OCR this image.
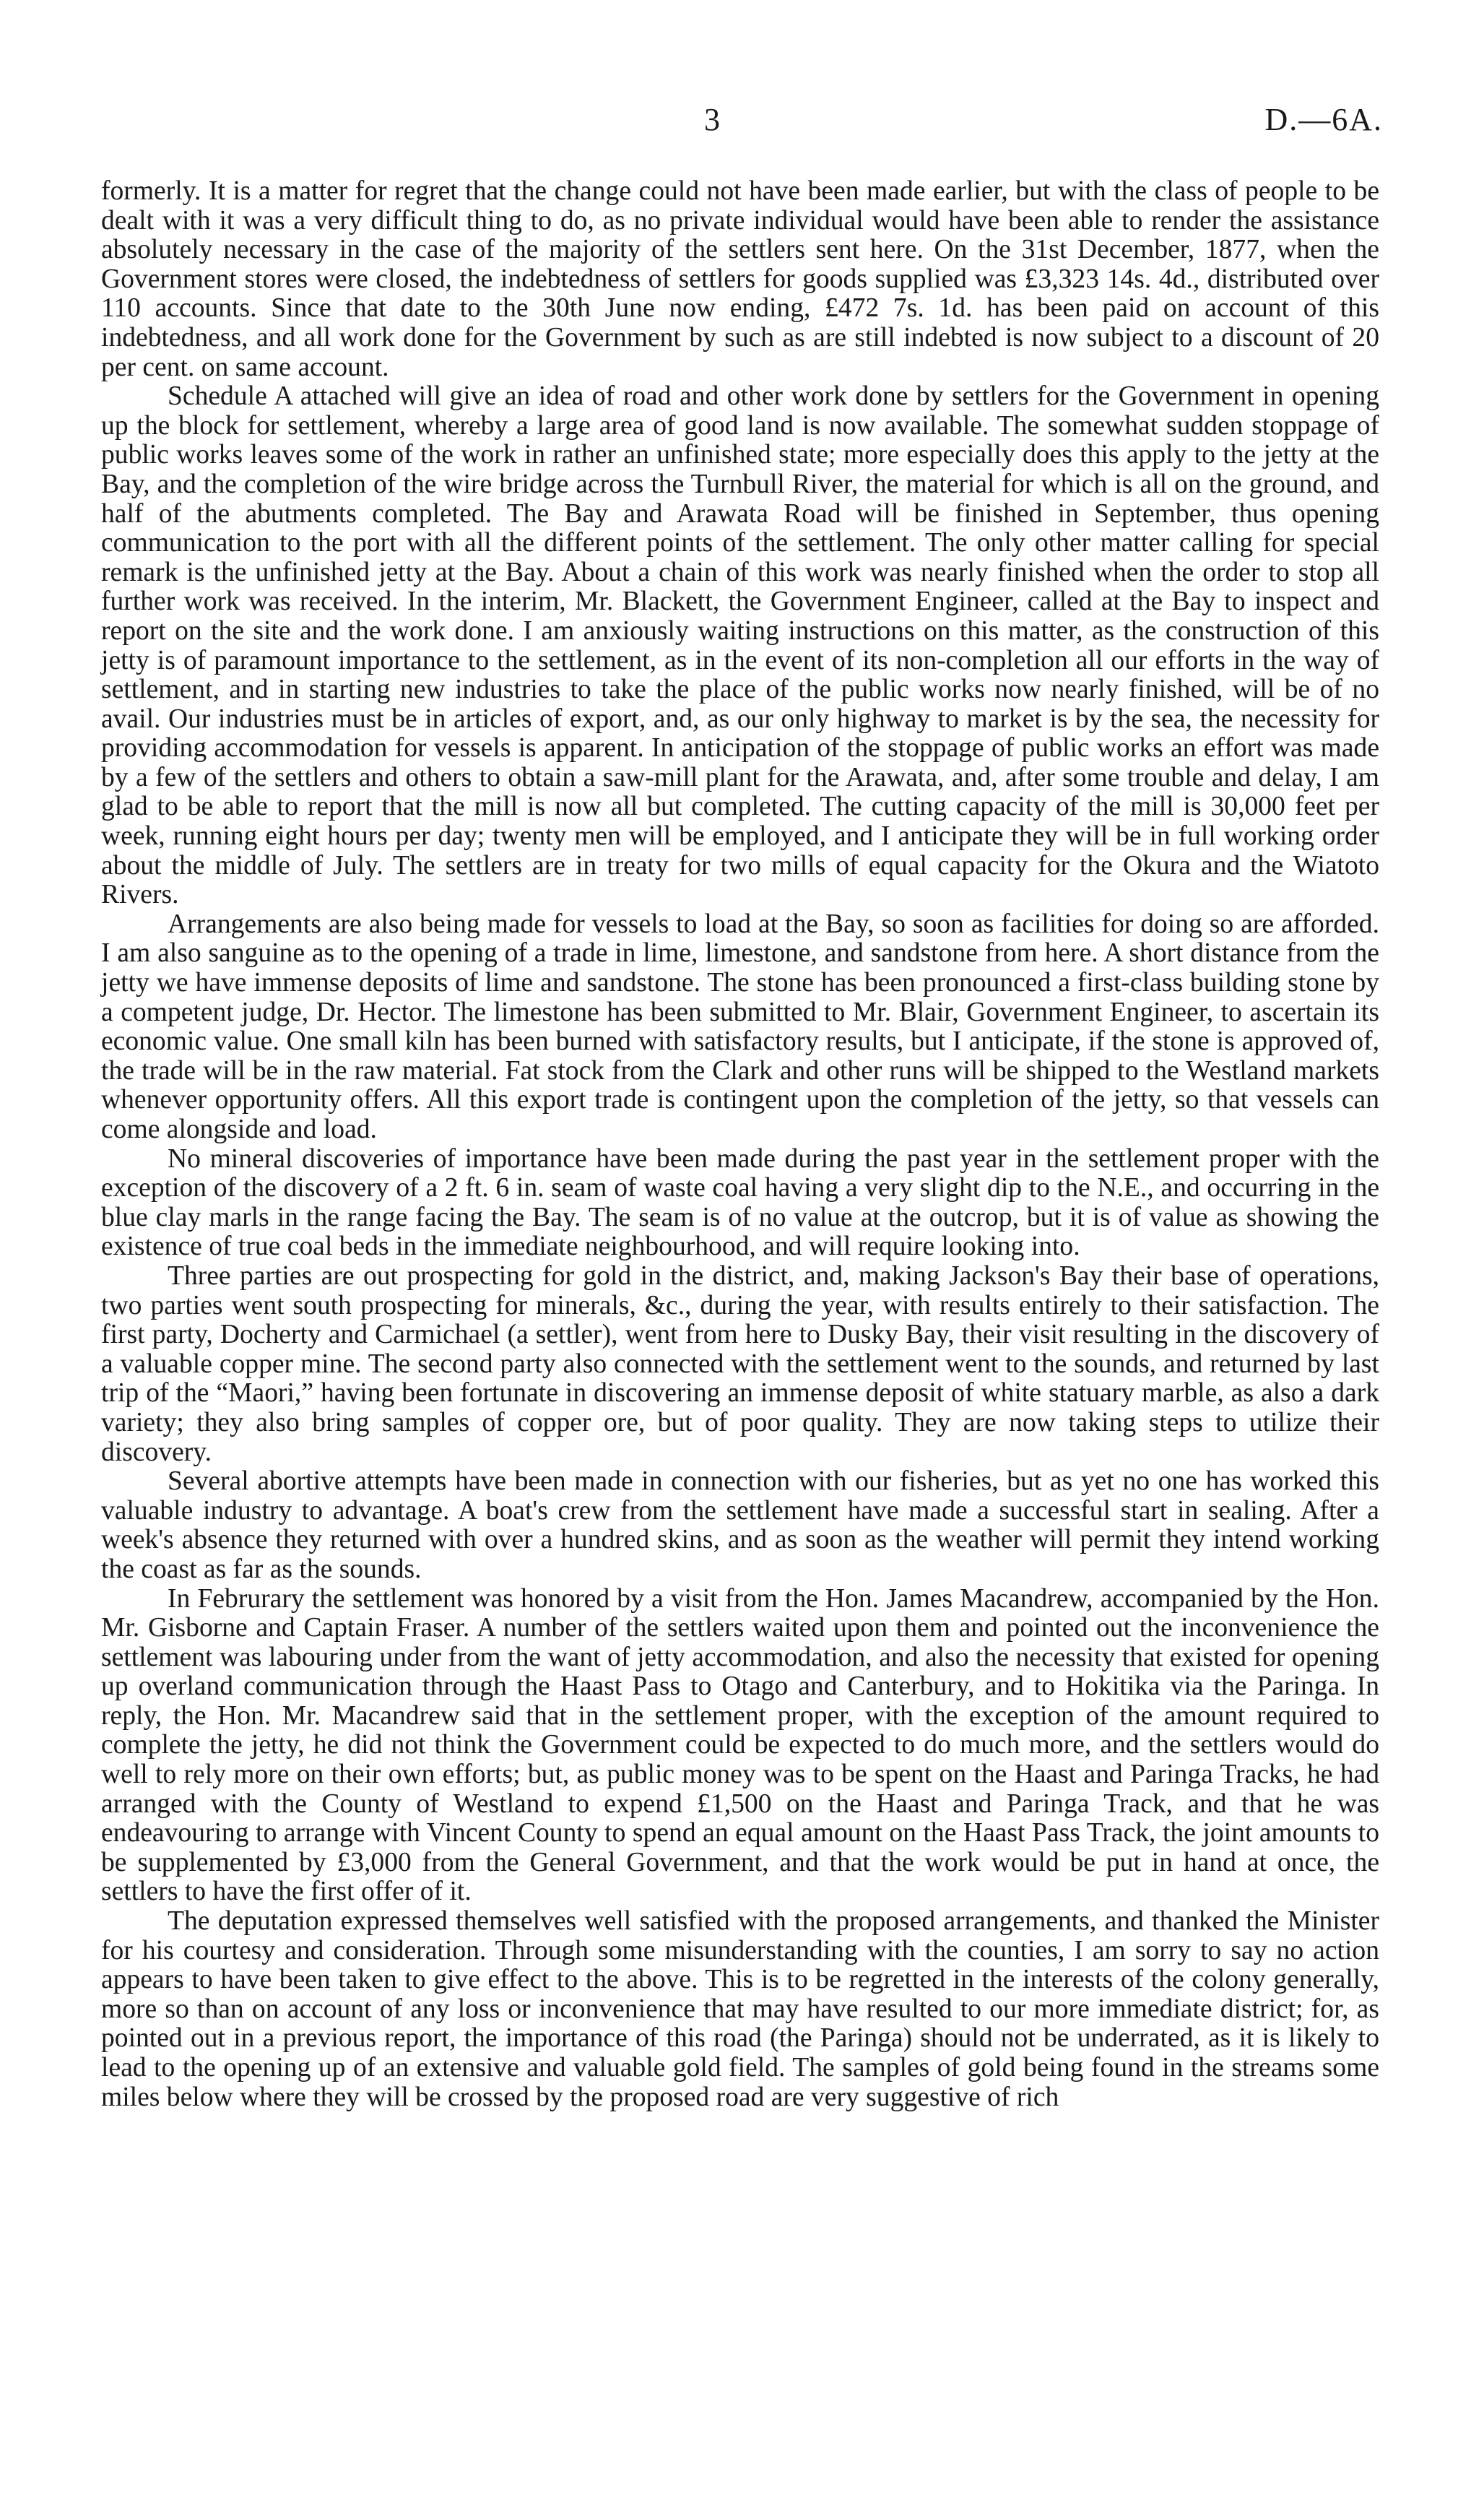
3	D.—6A.

formerly. It is a matter for regret that the change could not have been made earlier, but with the class of people to be dealt with it was a very difficult thing to do, as no private individual would have been able to render the assistance absolutely necessary in the case of the majority of the settlers sent here. On the 31st December, 1877, when the Government stores were closed, the indebtedness of settlers for goods supplied was £3,323 14s. 4d., distributed over 110 accounts. Since that date to the 30th June now ending, £472 7s. 1d. has been paid on account of this indebtedness, and all work done for the Government by such as are still indebted is now subject to a discount of 20 per cent. on same account.

Schedule A attached will give an idea of road and other work done by settlers for the Government in opening up the block for settlement, whereby a large area of good land is now available. The somewhat sudden stoppage of public works leaves some of the work in rather an unfinished state; more especially does this apply to the jetty at the Bay, and the completion of the wire bridge across the Turnbull River, the material for which is all on the ground, and half of the abutments completed. The Bay and Arawata Road will be finished in September, thus opening communication to the port with all the different points of the settlement. The only other matter calling for special remark is the unfinished jetty at the Bay. About a chain of this work was nearly finished when the order to stop all further work was received. In the interim, Mr. Blackett, the Government Engineer, called at the Bay to inspect and report on the site and the work done. I am anxiously waiting instructions on this matter, as the construction of this jetty is of paramount importance to the settlement, as in the event of its non-completion all our efforts in the way of settlement, and in starting new industries to take the place of the public works now nearly finished, will be of no avail. Our industries must be in articles of export, and, as our only highway to market is by the sea, the necessity for providing accommodation for vessels is apparent. In anticipation of the stoppage of public works an effort was made by a few of the settlers and others to obtain a saw-mill plant for the Arawata, and, after some trouble and delay, I am glad to be able to report that the mill is now all but completed. The cutting capacity of the mill is 30,000 feet per week, running eight hours per day; twenty men will be employed, and I anticipate they will be in full working order about the middle of July. The settlers are in treaty for two mills of equal capacity for the Okura and the Wiatoto Rivers.

Arrangements are also being made for vessels to load at the Bay, so soon as facilities for doing so are afforded. I am also sanguine as to the opening of a trade in lime, limestone, and sandstone from here. A short distance from the jetty we have immense deposits of lime and sandstone. The stone has been pronounced a first-class building stone by a competent judge, Dr. Hector. The limestone has been submitted to Mr. Blair, Government Engineer, to ascertain its economic value. One small kiln has been burned with satisfactory results, but I anticipate, if the stone is approved of, the trade will be in the raw material. Fat stock from the Clark and other runs will be shipped to the Westland markets whenever opportunity offers. All this export trade is contingent upon the completion of the jetty, so that vessels can come alongside and load.

No mineral discoveries of importance have been made during the past year in the settlement proper with the exception of the discovery of a 2 ft. 6 in. seam of waste coal having a very slight dip to the N.E., and occurring in the blue clay marls in the range facing the Bay. The seam is of no value at the outcrop, but it is of value as showing the existence of true coal beds in the immediate neighbourhood, and will require looking into.

Three parties are out prospecting for gold in the district, and, making Jackson's Bay their base of operations, two parties went south prospecting for minerals, &c., during the year, with results entirely to their satisfaction. The first party, Docherty and Carmichael (a settler), went from here to Dusky Bay, their visit resulting in the discovery of a valuable copper mine. The second party also connected with the settlement went to the sounds, and returned by last trip of the “Maori,” having been fortunate in discovering an immense deposit of white statuary marble, as also a dark variety; they also bring samples of copper ore, but of poor quality. They are now taking steps to utilize their discovery.

Several abortive attempts have been made in connection with our fisheries, but as yet no one has worked this valuable industry to advantage. A boat's crew from the settlement have made a successful start in sealing. After a week's absence they returned with over a hundred skins, and as soon as the weather will permit they intend working the coast as far as the sounds.

In Februrary the settlement was honored by a visit from the Hon. James Macandrew, accompanied by the Hon. Mr. Gisborne and Captain Fraser. A number of the settlers waited upon them and pointed out the inconvenience the settlement was labouring under from the want of jetty accommodation, and also the necessity that existed for opening up overland communication through the Haast Pass to Otago and Canterbury, and to Hokitika via the Paringa. In reply, the Hon. Mr. Macandrew said that in the settlement proper, with the exception of the amount required to complete the jetty, he did not think the Government could be expected to do much more, and the settlers would do well to rely more on their own efforts; but, as public money was to be spent on the Haast and Paringa Tracks, he had arranged with the County of Westland to expend £1,500 on the Haast and Paringa Track, and that he was endeavouring to arrange with Vincent County to spend an equal amount on the Haast Pass Track, the joint amounts to be supplemented by £3,000 from the General Government, and that the work would be put in hand at once, the settlers to have the first offer of it.

The deputation expressed themselves well satisfied with the proposed arrangements, and thanked the Minister for his courtesy and consideration. Through some misunderstanding with the counties, I am sorry to say no action appears to have been taken to give effect to the above. This is to be regretted in the interests of the colony generally, more so than on account of any loss or inconvenience that may have resulted to our more immediate district; for, as pointed out in a previous report, the importance of this road (the Paringa) should not be underrated, as it is likely to lead to the opening up of an extensive and valuable gold field. The samples of gold being found in the streams some miles below where they will be crossed by the proposed road are very suggestive of rich
